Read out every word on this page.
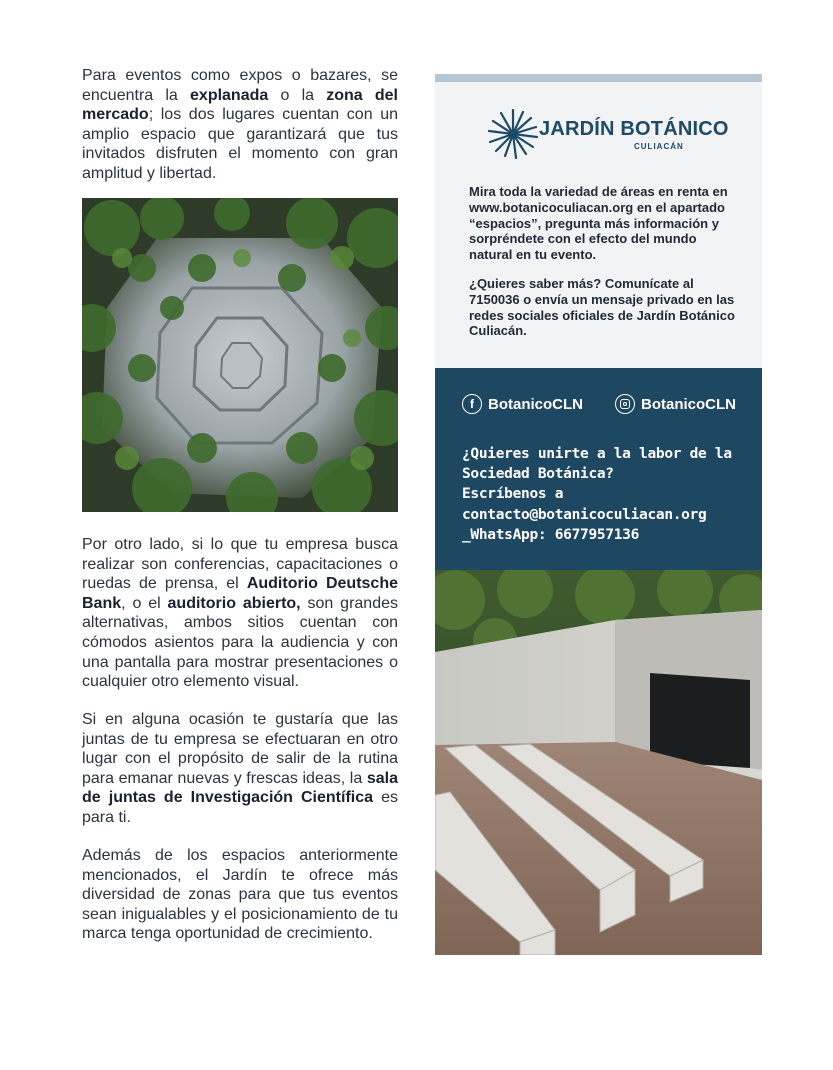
Para eventos como expos o bazares, se encuentra la explanada o la zona del mercado; los dos lugares cuentan con un amplio espacio que garantizará que tus invitados disfruten el momento con gran amplitud y libertad.

Por otro lado, si lo que tu empresa busca realizar son conferencias, capacitaciones o ruedas de prensa, el Auditorio Deutsche Bank, o el auditorio abierto, son grandes alternativas, ambos sitios cuentan con cómodos asientos para la audiencia y con una pantalla para mostrar presentaciones o cualquier otro elemento visual.

Si en alguna ocasión te gustaría que las juntas de tu empresa se efectuaran en otro lugar con el propósito de salir de la rutina para emanar nuevas y frescas ideas, la sala de juntas de Investigación Científica es para ti.

Además de los espacios anteriormente mencionados, el Jardín te ofrece más diversidad de zonas para que tus eventos sean inigualables y el posicionamiento de tu marca tenga oportunidad de crecimiento.

JARDÍN BOTÁNICO
CULIACÁN

Mira toda la variedad de áreas en renta en www.botanicoculiacan.org en el apartado “espacios”, pregunta más información y sorpréndete con el efecto del mundo natural en tu evento.

¿Quieres saber más? Comunícate al 7150036 o envía un mensaje privado en las redes sociales oficiales de Jardín Botánico Culiacán.

f BotanicoCLN	BotanicoCLN
¿Quieres unirte a la labor de la
Sociedad Botánica?
Escríbenos a
contacto@botanicoculiacan.org
_WhatsApp: 6677957136
